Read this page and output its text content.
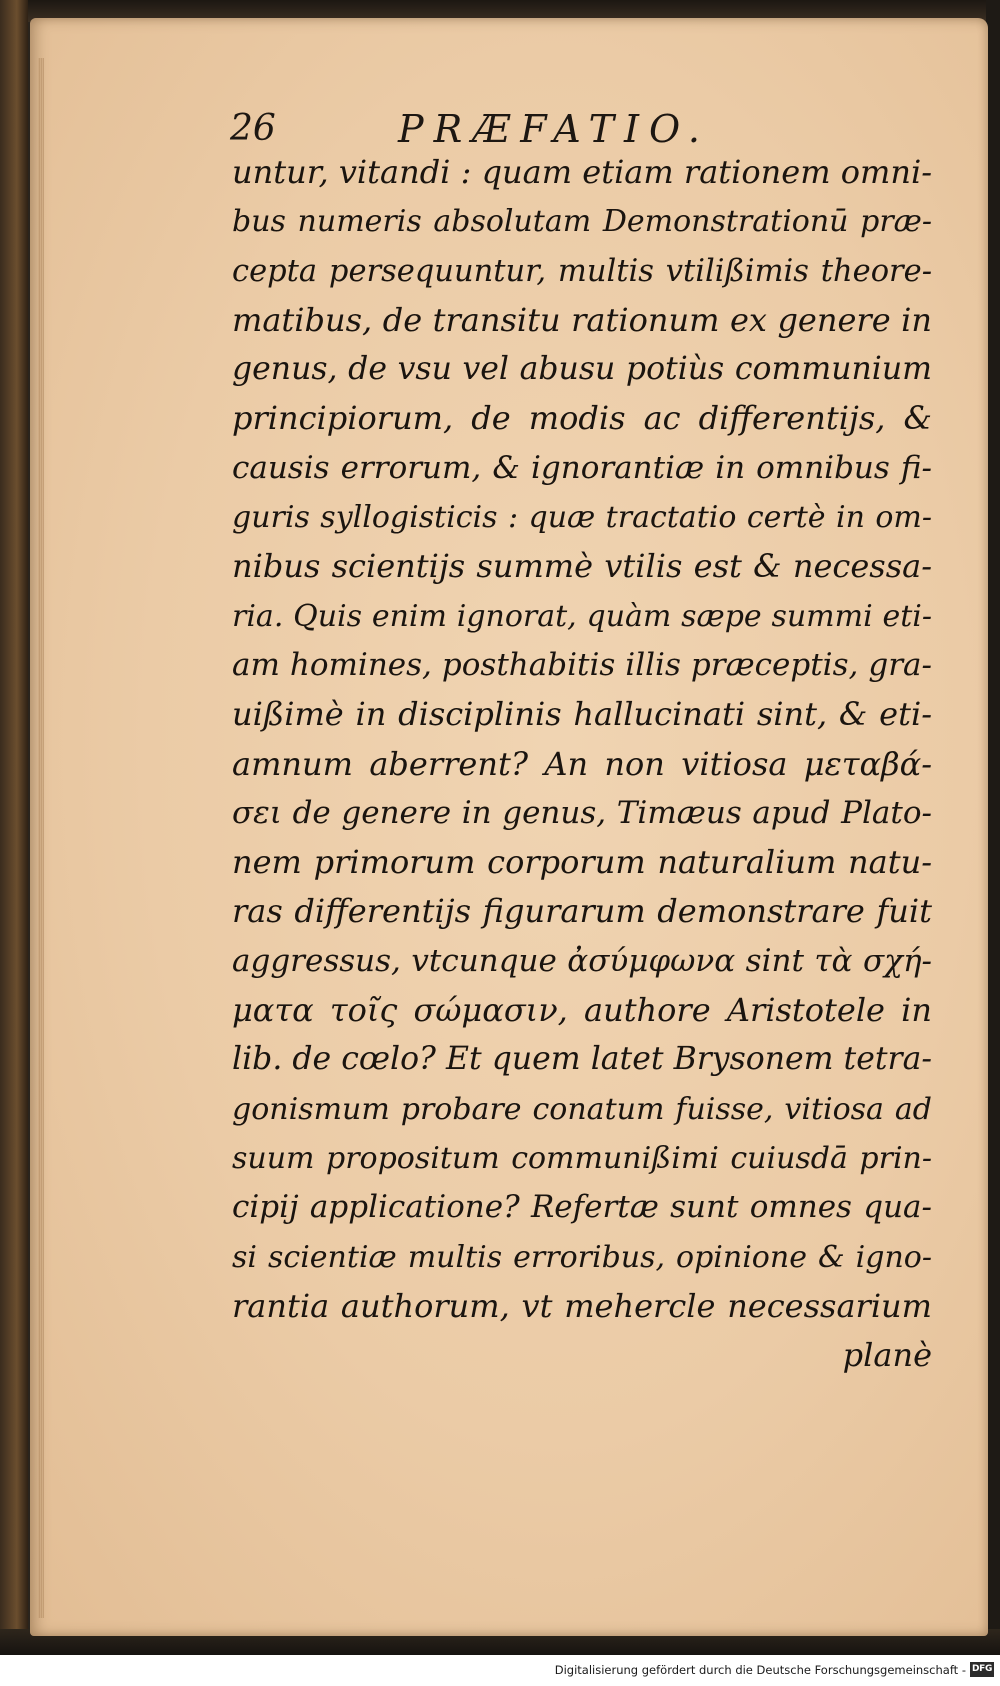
26	PRÆFATIO.
untur, vitandi : quam etiam rationem omni-
bus numeris absolutam Demonstrationū præ-
cepta persequuntur, multis vtilißimis theore-
matibus, de transitu rationum ex genere in
genus, de vsu vel abusu potiùs communium
principiorum, de modis ac differentijs, &
causis errorum, & ignorantiæ in omnibus fi-
guris syllogisticis : quæ tractatio certè in om-
nibus scientijs summè vtilis est & necessa-
ria. Quis enim ignorat, quàm sæpe summi eti-
am homines, posthabitis illis præceptis, gra-
uißimè in disciplinis hallucinati sint, & eti-
amnum aberrent? An non vitiosa μεταβά-
σει de genere in genus, Timæus apud Plato-
nem primorum corporum naturalium natu-
ras differentijs figurarum demonstrare fuit
aggressus, vtcunque ἀσύμφωνα sint τὰ σχή-
ματα τοῖς σώμασιν, authore Aristotele in
lib. de cœlo? Et quem latet Brysonem tetra-
gonismum probare conatum fuisse, vitiosa ad
suum propositum communißimi cuiusdā prin-
cipij applicatione? Refertæ sunt omnes qua-
si scientiæ multis erroribus, opinione & igno-
rantia authorum, vt mehercle necessarium
planè
Digitalisierung gefördert durch die Deutsche Forschungsgemeinschaft - DFG
